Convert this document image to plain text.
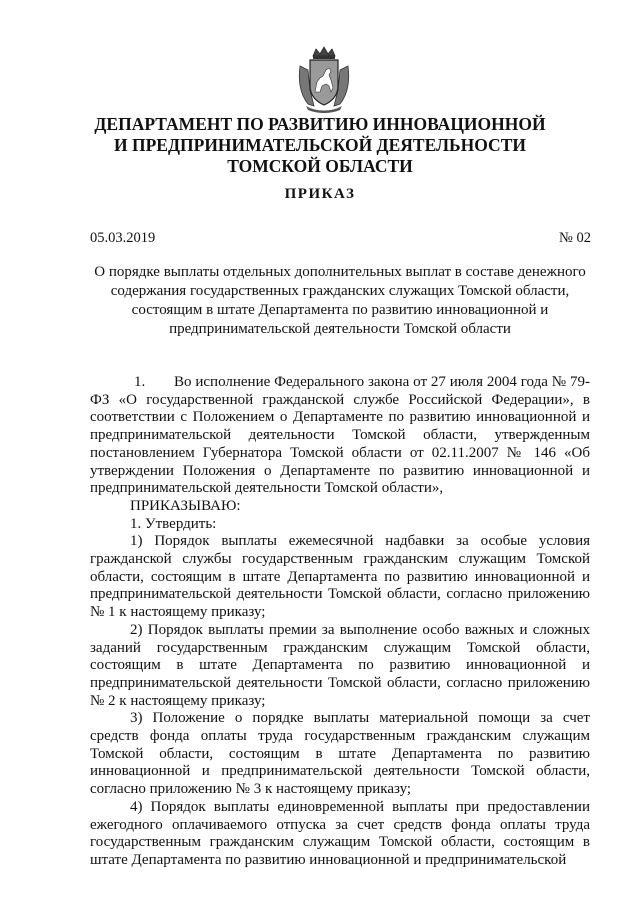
ДЕПАРТАМЕНТ ПО РАЗВИТИЮ ИННОВАЦИОННОЙ
И ПРЕДПРИНИМАТЕЛЬСКОЙ ДЕЯТЕЛЬНОСТИ
ТОМСКОЙ ОБЛАСТИ
ПРИКАЗ
05.03.2019	№ 02
О порядке выплаты отдельных дополнительных выплат в составе денежного содержания государственных гражданских служащих Томской области, состоящим в штате Департамента по развитию инновационной и предпринимательской деятельности Томской области

1. Во исполнение Федерального закона от 27 июля 2004 года № 79-ФЗ «О государственной гражданской службе Российской Федерации», в соответствии с Положением о Департаменте по развитию инновационной и предпринимательской деятельности Томской области, утвержденным постановлением Губернатора Томской области от 02.11.2007 № 146 «Об утверждении Положения о Департаменте по развитию инновационной и предпринимательской деятельности Томской области»,

ПРИКАЗЫВАЮ:

1. Утвердить:

1) Порядок выплаты ежемесячной надбавки за особые условия гражданской службы государственным гражданским служащим Томской области, состоящим в штате Департамента по развитию инновационной и предпринимательской деятельности Томской области, согласно приложению № 1 к настоящему приказу;

2) Порядок выплаты премии за выполнение особо важных и сложных заданий государственным гражданским служащим Томской области, состоящим в штате Департамента по развитию инновационной и предпринимательской деятельности Томской области, согласно приложению № 2 к настоящему приказу;

3) Положение о порядке выплаты материальной помощи за счет средств фонда оплаты труда государственным гражданским служащим Томской области, состоящим в штате Департамента по развитию инновационной и предпринимательской деятельности Томской области, согласно приложению № 3 к настоящему приказу;

4) Порядок выплаты единовременной выплаты при предоставлении ежегодного оплачиваемого отпуска за счет средств фонда оплаты труда государственным гражданским служащим Томской области, состоящим в штате Департамента по развитию инновационной и предпринимательской
